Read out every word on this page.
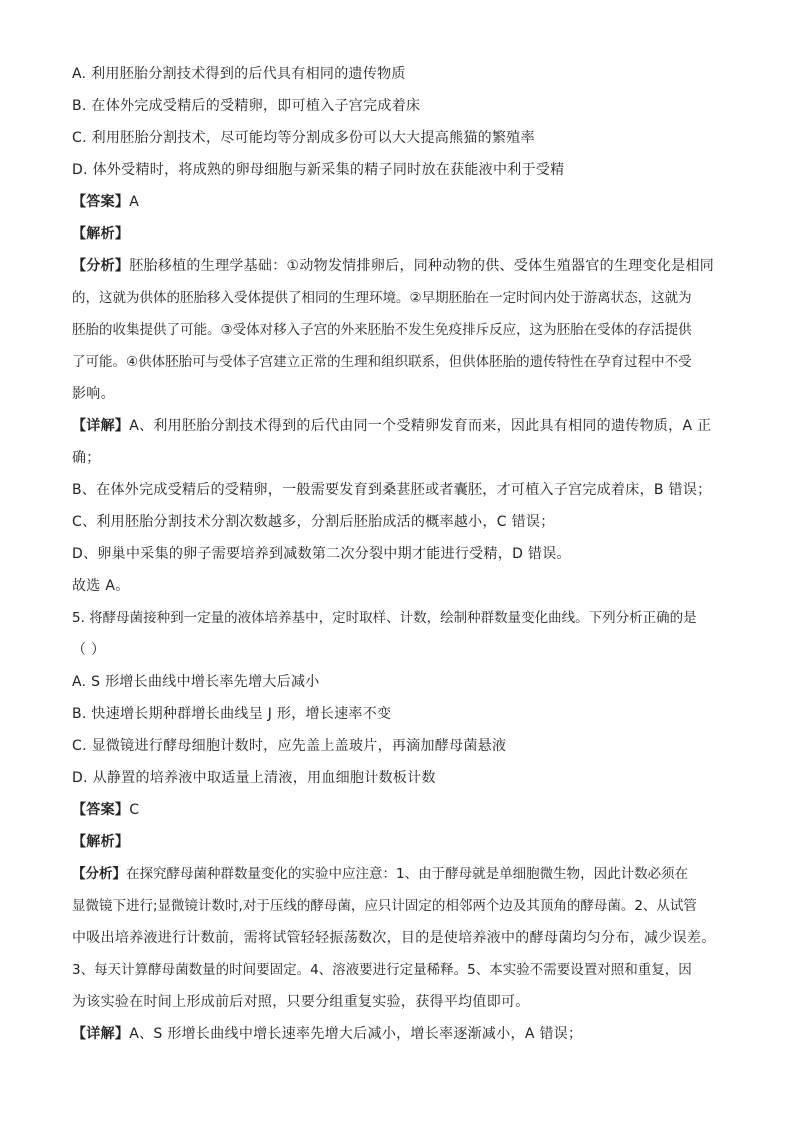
A. 利用胚胎分割技术得到的后代具有相同的遗传物质
B. 在体外完成受精后的受精卵，即可植入子宫完成着床
C. 利用胚胎分割技术，尽可能均等分割成多份可以大大提高熊猫的繁殖率
D. 体外受精时，将成熟的卵母细胞与新采集的精子同时放在获能液中利于受精
【答案】A
【解析】
【分析】胚胎移植的生理学基础：①动物发情排卵后，同种动物的供、受体生殖器官的生理变化是相同
的，这就为供体的胚胎移入受体提供了相同的生理环境。②早期胚胎在一定时间内处于游离状态，这就为
胚胎的收集提供了可能。③受体对移入子宫的外来胚胎不发生免疫排斥反应，这为胚胎在受体的存活提供
了可能。④供体胚胎可与受体子宫建立正常的生理和组织联系，但供体胚胎的遗传特性在孕育过程中不受
影响。
【详解】A、利用胚胎分割技术得到的后代由同一个受精卵发育而来，因此具有相同的遗传物质，A 正
确；
B、在体外完成受精后的受精卵，一般需要发育到桑葚胚或者囊胚，才可植入子宫完成着床，B 错误；
C、利用胚胎分割技术分割次数越多，分割后胚胎成活的概率越小，C 错误；
D、卵巢中采集的卵子需要培养到减数第二次分裂中期才能进行受精，D 错误。
故选 A。
5. 将酵母菌接种到一定量的液体培养基中，定时取样、计数，绘制种群数量变化曲线。下列分析正确的是
（ ）
A. S 形增长曲线中增长率先增大后减小
B. 快速增长期种群增长曲线呈 J 形，增长速率不变
C. 显微镜进行酵母细胞计数时，应先盖上盖玻片，再滴加酵母菌悬液
D. 从静置的培养液中取适量上清液，用血细胞计数板计数
【答案】C
【解析】
【分析】在探究酵母菌种群数量变化的实验中应注意：1、由于酵母就是单细胞微生物，因此计数必须在
显微镜下进行;显微镜计数时,对于压线的酵母菌，应只计固定的相邻两个边及其顶角的酵母菌。2、从试管
中吸出培养液进行计数前，需将试管轻轻振荡数次，目的是使培养液中的酵母菌均匀分布，减少误差。
3、每天计算酵母菌数量的时间要固定。4、溶液要进行定量稀释。5、本实验不需要设置对照和重复，因
为该实验在时间上形成前后对照，只要分组重复实验，获得平均值即可。
【详解】A、S 形增长曲线中增长速率先增大后减小，增长率逐渐减小，A 错误；
